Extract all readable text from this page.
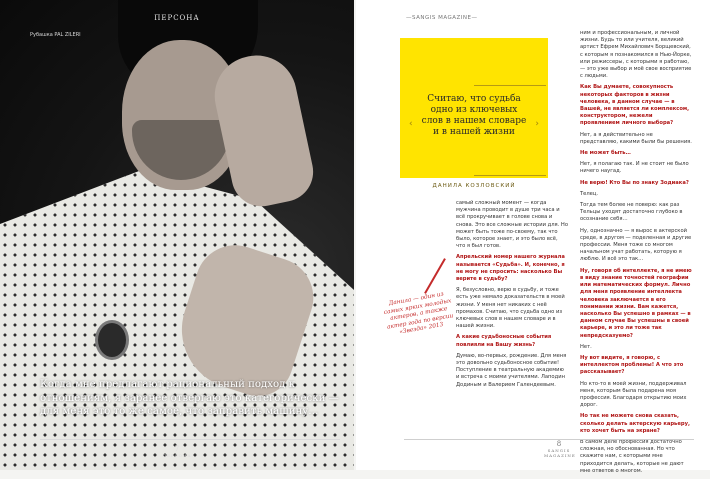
ПЕРСОНА
Рубашка PAL ZILERI
Когда мне предлагают рациональный подход к отношениям, я заранее отвергаю это категорически — для меня это то же самое, что заправить машину…
7
ПЕРСОНА
—SANGIS MAGAZINE—
‹
Считаю, что судьба одно из ключевых слов в нашем словаре и в нашей жизни
›
ДАНИЛА КОЗЛОВСКИЙ

самый сложный момент — когда мужчина проводит в душе три часа и всё прокручивает в голове снова и снова. Это все сложные истории для. Но может быть тоже по-своему, так что было, которое знает, и это было всё, что я был готов.

Апрельский номер нашего журнала называется «Судьба». И, конечно, я не могу не спросить: насколько Вы верите в судьбу?

Я, безусловно, верю в судьбу, и тоже есть уже немало доказательств в моей жизни. У меня нет никаких с неё промахов. Считаю, что судьба одно из ключевых слов в нашем словаре и в нашей жизни.

А какие судьбоносные события повлияли на Вашу жизнь?

Думаю, во-первых, рождение. Для меня это довольно судьбоносное событие! Поступление в театральную академию и встреча с моими учителями. Лаподин Додиным и Валерием Галендеевым.

Данила — один из самых ярких молодых актеров, а также актер года по версии «Звезда» 2013

ним и профессиональным, и личной жизни. Будь то или учителя, великий артист Ефрем Михайлович Борщевский, с которым я познакомился в Нью-Йорке, или режиссеры, с которыми я работаю, — это уже выбор и моё свое восприятие с людьми.

Как Вы думаете, совокупность некоторых факторов в жизни человека, в данном случае — в Вашей, не является ли комплексом, конструктором, нежели проявлением личного выбора?

Нет, а я действительно не представляю, какими были бы решения.

Не может быть…

Нет, я полагаю так. И не стоит не было ничего наугад.

Не верю! Кто Вы по знаку Зодиака?

Телец.

Тогда тем более не поверю: как раз Тельцы уходят достаточно глубоко в осознание себя…

Ну, однозначно — я вырос в актерской среде, в другом — поделенная и другие профессии. Меня тоже со многом начальном учат работать, которую я люблю. И всё это так…

Ну, говоря об интеллекте, я не имею в виду знание точностей географии или математических формул. Лично для меня проявление интеллекта человека заключается в его понимании жизни. Вам кажется, насколько Вы успешно в рамках — в данном случае Вы успешны в своей карьере, и это ли тоже так непредсказуемо?

Нет.

Ну вот видите, я говорю, с интеллектом проблемы! А что это рассказывает?

Но кто-то в моей жизни, поддерживал меня, которым была подарена моя профессия. Благодаря открытию моих дорог.

Но так не можете снова сказать, сколько делать актерскую карьеру, кто хочет быть на экране?

В самом деле профессия достаточно сложная, но обоснованная. Но что скажите нам, с которыми мне приходится делать, которые не дают мне ответов о многом.

8
SANGIS MAGAZINE
